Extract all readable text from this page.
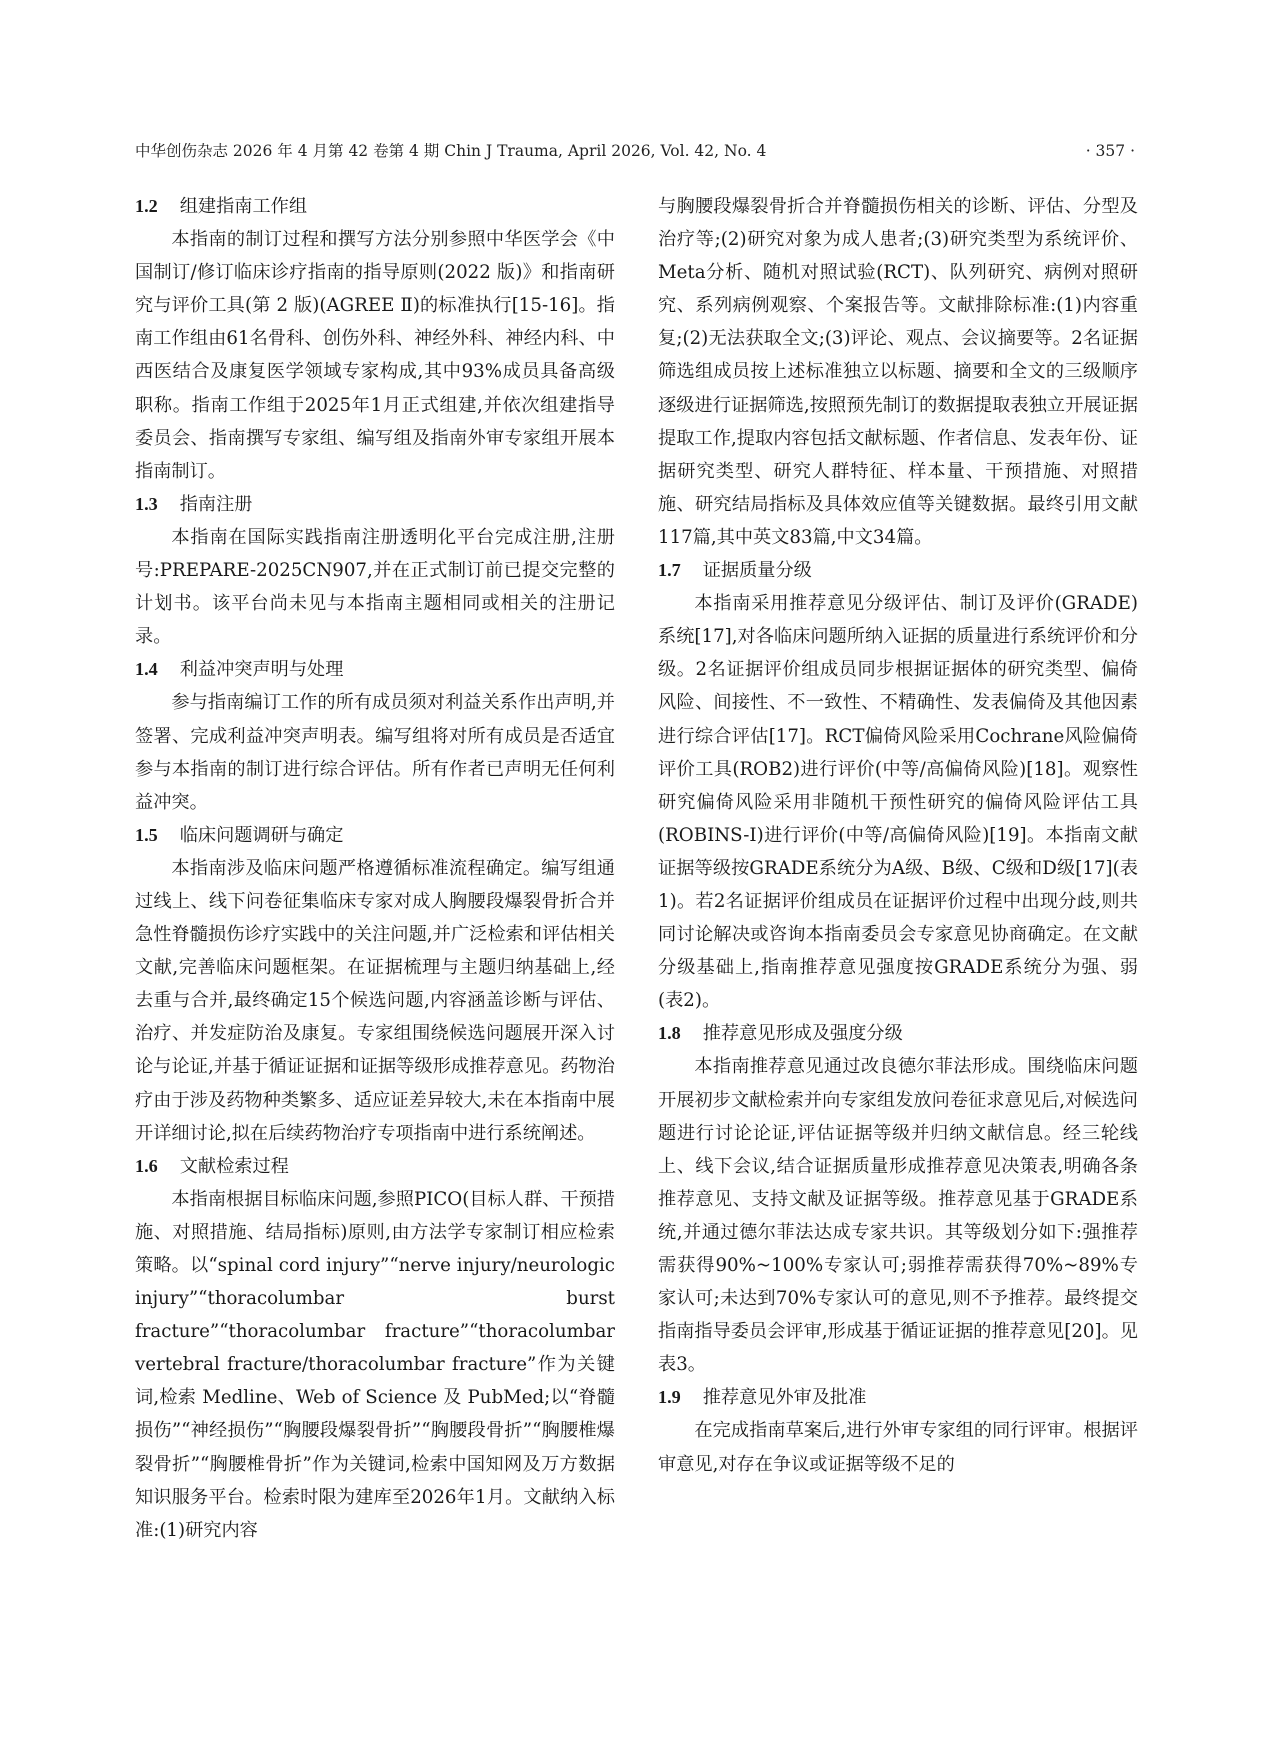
中华创伤杂志 2026 年 4 月第 42 卷第 4 期 Chin J Trauma, April 2026, Vol. 42, No. 4	· 357 ·
1.2 组建指南工作组

本指南的制订过程和撰写方法分别参照中华医学会《中国制订/修订临床诊疗指南的指导原则(2022 版)》和指南研究与评价工具(第 2 版)(AGREE Ⅱ)的标准执行[15-16]。指南工作组由61名骨科、创伤外科、神经外科、神经内科、中西医结合及康复医学领域专家构成,其中93%成员具备高级职称。指南工作组于2025年1月正式组建,并依次组建指导委员会、指南撰写专家组、编写组及指南外审专家组开展本指南制订。

1.3 指南注册

本指南在国际实践指南注册透明化平台完成注册,注册号:PREPARE-2025CN907,并在正式制订前已提交完整的计划书。该平台尚未见与本指南主题相同或相关的注册记录。

1.4 利益冲突声明与处理

参与指南编订工作的所有成员须对利益关系作出声明,并签署、完成利益冲突声明表。编写组将对所有成员是否适宜参与本指南的制订进行综合评估。所有作者已声明无任何利益冲突。

1.5 临床问题调研与确定

本指南涉及临床问题严格遵循标准流程确定。编写组通过线上、线下问卷征集临床专家对成人胸腰段爆裂骨折合并急性脊髓损伤诊疗实践中的关注问题,并广泛检索和评估相关文献,完善临床问题框架。在证据梳理与主题归纳基础上,经去重与合并,最终确定15个候选问题,内容涵盖诊断与评估、治疗、并发症防治及康复。专家组围绕候选问题展开深入讨论与论证,并基于循证证据和证据等级形成推荐意见。药物治疗由于涉及药物种类繁多、适应证差异较大,未在本指南中展开详细讨论,拟在后续药物治疗专项指南中进行系统阐述。

1.6 文献检索过程

本指南根据目标临床问题,参照PICO(目标人群、干预措施、对照措施、结局指标)原则,由方法学专家制订相应检索策略。以“spinal cord injury”“nerve injury/neurologic injury”“thoracolumbar burst fracture”“thoracolumbar fracture”“thoracolumbar vertebral fracture/thoracolumbar fracture”作为关键词,检索 Medline、Web of Science 及 PubMed;以“脊髓损伤”“神经损伤”“胸腰段爆裂骨折”“胸腰段骨折”“胸腰椎爆裂骨折”“胸腰椎骨折”作为关键词,检索中国知网及万方数据知识服务平台。检索时限为建库至2026年1月。文献纳入标准:(1)研究内容

与胸腰段爆裂骨折合并脊髓损伤相关的诊断、评估、分型及治疗等;(2)研究对象为成人患者;(3)研究类型为系统评价、Meta分析、随机对照试验(RCT)、队列研究、病例对照研究、系列病例观察、个案报告等。文献排除标准:(1)内容重复;(2)无法获取全文;(3)评论、观点、会议摘要等。2名证据筛选组成员按上述标准独立以标题、摘要和全文的三级顺序逐级进行证据筛选,按照预先制订的数据提取表独立开展证据提取工作,提取内容包括文献标题、作者信息、发表年份、证据研究类型、研究人群特征、样本量、干预措施、对照措施、研究结局指标及具体效应值等关键数据。最终引用文献117篇,其中英文83篇,中文34篇。

1.7 证据质量分级

本指南采用推荐意见分级评估、制订及评价(GRADE)系统[17],对各临床问题所纳入证据的质量进行系统评价和分级。2名证据评价组成员同步根据证据体的研究类型、偏倚风险、间接性、不一致性、不精确性、发表偏倚及其他因素进行综合评估[17]。RCT偏倚风险采用Cochrane风险偏倚评价工具(ROB2)进行评价(中等/高偏倚风险)[18]。观察性研究偏倚风险采用非随机干预性研究的偏倚风险评估工具(ROBINS-I)进行评价(中等/高偏倚风险)[19]。本指南文献证据等级按GRADE系统分为A级、B级、C级和D级[17](表1)。若2名证据评价组成员在证据评价过程中出现分歧,则共同讨论解决或咨询本指南委员会专家意见协商确定。在文献分级基础上,指南推荐意见强度按GRADE系统分为强、弱(表2)。

1.8 推荐意见形成及强度分级

本指南推荐意见通过改良德尔菲法形成。围绕临床问题开展初步文献检索并向专家组发放问卷征求意见后,对候选问题进行讨论论证,评估证据等级并归纳文献信息。经三轮线上、线下会议,结合证据质量形成推荐意见决策表,明确各条推荐意见、支持文献及证据等级。推荐意见基于GRADE系统,并通过德尔菲法达成专家共识。其等级划分如下:强推荐需获得90%~100%专家认可;弱推荐需获得70%~89%专家认可;未达到70%专家认可的意见,则不予推荐。最终提交指南指导委员会评审,形成基于循证证据的推荐意见[20]。见表3。

1.9 推荐意见外审及批准

在完成指南草案后,进行外审专家组的同行评审。根据评审意见,对存在争议或证据等级不足的
